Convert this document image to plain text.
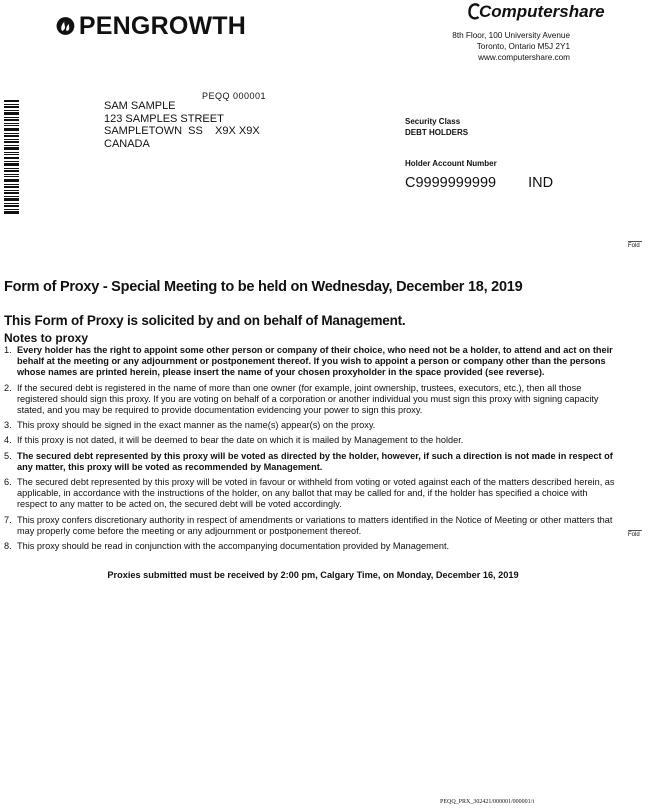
PENGROWTH	Computershare
8th Floor, 100 University Avenue
Toronto, Ontario M5J 2Y1
www.computershare.com
PEQQ 000001
SAM SAMPLE
123 SAMPLES STREET
SAMPLETOWN  SS    X9X X9X
CANADA
Security Class
DEBT HOLDERS
Holder Account Number
C9999999999 IND
Fold
Fold
Form of Proxy - Special Meeting to be held on Wednesday, December 18, 2019
This Form of Proxy is solicited by and on behalf of Management.
Notes to proxy
1. Every holder has the right to appoint some other person or company of their choice, who need not be a holder, to attend and act on their behalf at the meeting or any adjournment or postponement thereof. If you wish to appoint a person or company other than the persons whose names are printed herein, please insert the name of your chosen proxyholder in the space provided (see reverse).
2. If the secured debt is registered in the name of more than one owner (for example, joint ownership, trustees, executors, etc.), then all those registered should sign this proxy. If you are voting on behalf of a corporation or another individual you must sign this proxy with signing capacity stated, and you may be required to provide documentation evidencing your power to sign this proxy.
3. This proxy should be signed in the exact manner as the name(s) appear(s) on the proxy.
4. If this proxy is not dated, it will be deemed to bear the date on which it is mailed by Management to the holder.
5. The secured debt represented by this proxy will be voted as directed by the holder, however, if such a direction is not made in respect of any matter, this proxy will be voted as recommended by Management.
6. The secured debt represented by this proxy will be voted in favour or withheld from voting or voted against each of the matters described herein, as applicable, in accordance with the instructions of the holder, on any ballot that may be called for and, if the holder has specified a choice with respect to any matter to be acted on, the secured debt will be voted accordingly.
7. This proxy confers discretionary authority in respect of amendments or variations to matters identified in the Notice of Meeting or other matters that may properly come before the meeting or any adjournment or postponement thereof.
8. This proxy should be read in conjunction with the accompanying documentation provided by Management.
Proxies submitted must be received by 2:00 pm, Calgary Time, on Monday, December 16, 2019
PEQQ_PRX_302421/000001/000001/i
